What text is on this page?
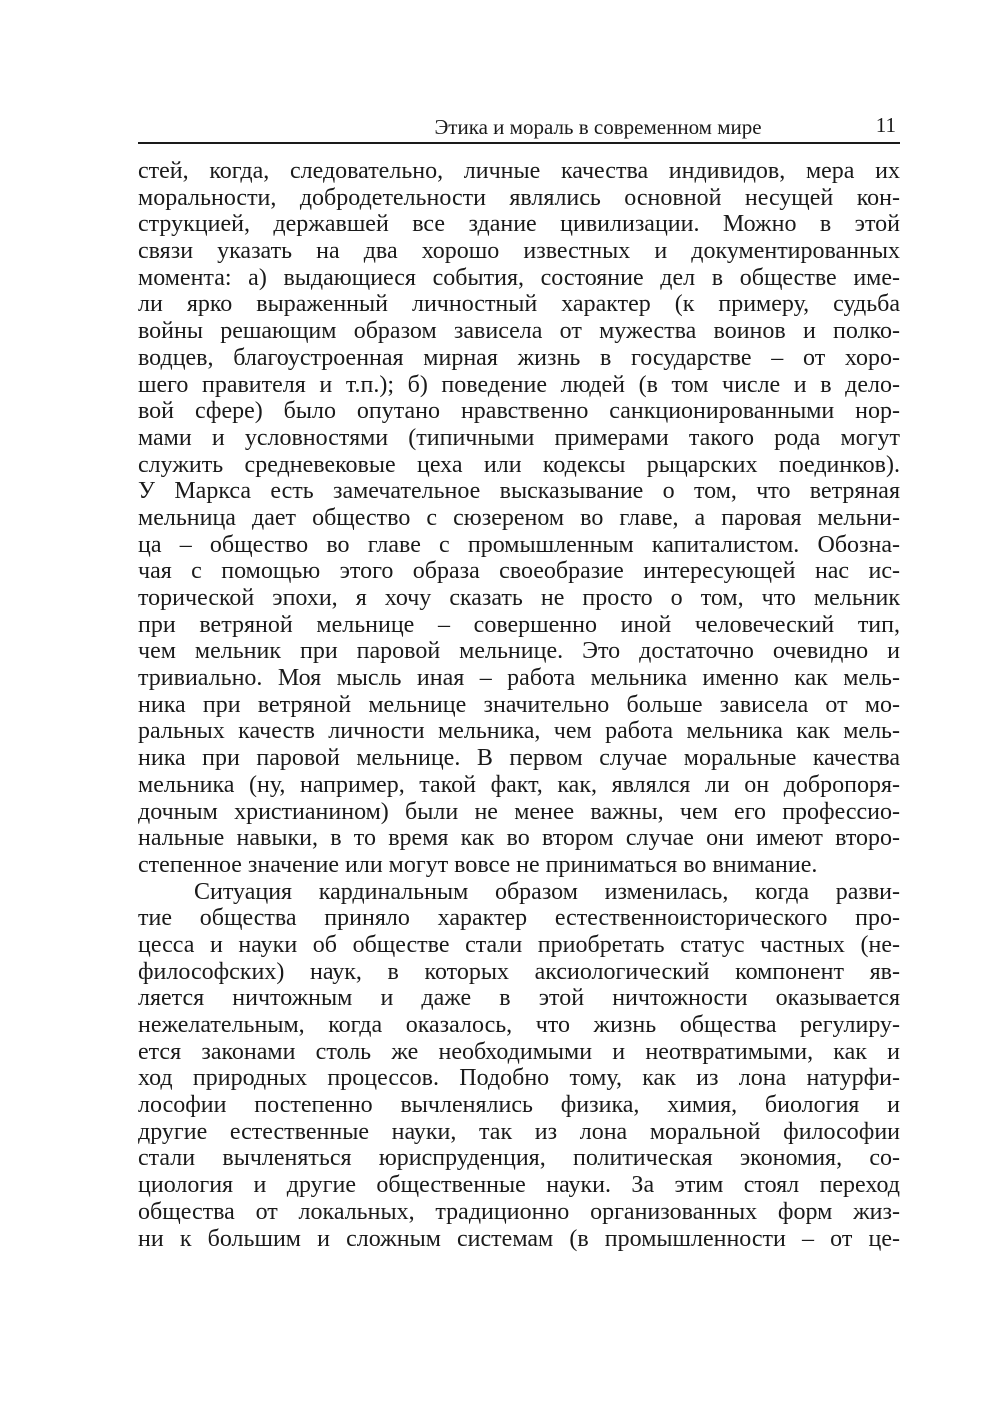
Этика и мораль в современном мире	11
стей, когда, следовательно, личные качества индивидов, мера их
моральности, добродетельности являлись основной несущей кон-
струкцией, державшей все здание цивилизации. Можно в этой
связи указать на два хорошо известных и документированных
момента: а) выдающиеся события, состояние дел в обществе име-
ли ярко выраженный личностный характер (к примеру, судьба
войны решающим образом зависела от мужества воинов и полко-
водцев, благоустроенная мирная жизнь в государстве – от хоро-
шего правителя и т.п.); б) поведение людей (в том числе и в дело-
вой сфере) было опутано нравственно санкционированными нор-
мами и условностями (типичными примерами такого рода могут
служить средневековые цеха или кодексы рыцарских поединков).
У Маркса есть замечательное высказывание о том, что ветряная
мельница дает общество с сюзереном во главе, а паровая мельни-
ца – общество во главе с промышленным капиталистом. Обозна-
чая с помощью этого образа своеобразие интересующей нас ис-
торической эпохи, я хочу сказать не просто о том, что мельник
при ветряной мельнице – совершенно иной человеческий тип,
чем мельник при паровой мельнице. Это достаточно очевидно и
тривиально. Моя мысль иная – работа мельника именно как мель-
ника при ветряной мельнице значительно больше зависела от мо-
ральных качеств личности мельника, чем работа мельника как мель-
ника при паровой мельнице. В первом случае моральные качества
мельника (ну, например, такой факт, как, являлся ли он добропоря-
дочным христианином) были не менее важны, чем его профессио-
нальные навыки, в то время как во втором случае они имеют второ-
степенное значение или могут вовсе не приниматься во внимание.
Ситуация кардинальным образом изменилась, когда разви-
тие общества приняло характер естественноисторического про-
цесса и науки об обществе стали приобретать статус частных (не-
философских) наук, в которых аксиологический компонент яв-
ляется ничтожным и даже в этой ничтожности оказывается
нежелательным, когда оказалось, что жизнь общества регулиру-
ется законами столь же необходимыми и неотвратимыми, как и
ход природных процессов. Подобно тому, как из лона натурфи-
лософии постепенно вычленялись физика, химия, биология и
другие естественные науки, так из лона моральной философии
стали вычленяться юриспруденция, политическая экономия, со-
циология и другие общественные науки. За этим стоял переход
общества от локальных, традиционно организованных форм жиз-
ни к большим и сложным системам (в промышленности – от це-
